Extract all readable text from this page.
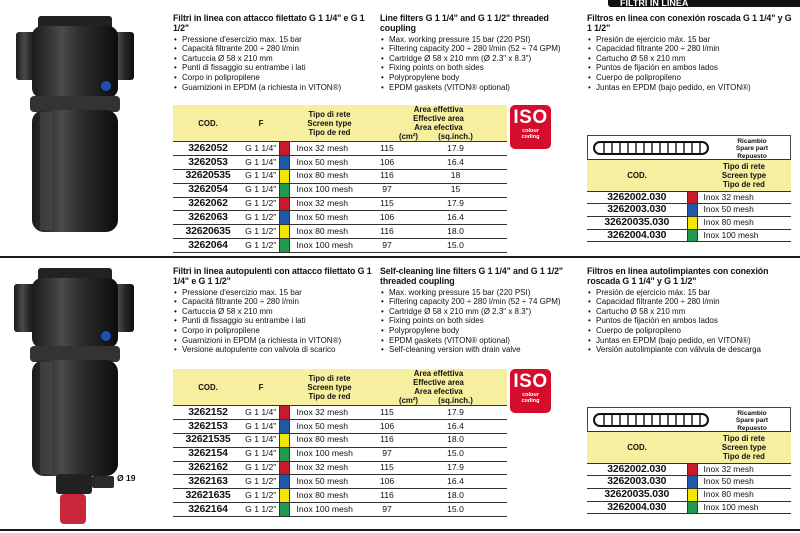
FILTRI IN LINEA
Filtri in linea con attacco filettato G 1 1/4" e G 1 1/2"
• Pressione d'esercizio max. 15 bar
• Capacità filtrante 200 ÷ 280 l/min
• Cartuccia Ø 58 x 210 mm
• Punti di fissaggio su entrambe i lati
• Corpo in polipropilene
• Guarnizioni in EPDM (a richiesta in VITON®)
Line filters G 1 1/4" and G 1 1/2" threaded coupling
• Max. working pressure 15 bar (220 PSI)
• Filtering capacity 200 ÷ 280 l/min (52 ÷ 74 GPM)
• Cartridge Ø 58 x 210 mm (Ø 2.3" x 8.3")
• Fixing points on both sides
• Polypropylene body
• EPDM gaskets (VITON® optional)
Filtros en linea con conexión roscada G 1 1/4" y G 1 1/2"
• Presión de ejercicio máx. 15 bar
• Capacidad filtrante 200 ÷ 280 l/min
• Cartucho Ø 58 x 210 mm
• Puntos de fijación en ambos lados
• Cuerpo de polipropileno
• Juntas en EPDM (bajo pedido, en VITON®)
COD.	F		Tipo di rete
Screen type
Tipo de red	Area effettiva
Effective area
Area efectiva
(cm²) (sq.inch.)	
3262052	G 1 1/4"		Inox 32 mesh	115	17.9
3262053	G 1 1/4"		Inox 50 mesh	106	16.4
32620535	G 1 1/4"		Inox 80 mesh	116	18
3262054	G 1 1/4"		Inox 100 mesh	97	15
3262062	G 1 1/2"		Inox 32 mesh	115	17.9
3262063	G 1 1/2"		Inox 50 mesh	106	16.4
32620635	G 1 1/2"		Inox 80 mesh	116	18.0
3262064	G 1 1/2"		Inox 100 mesh	97	15.0
ISO
colour
coding
Ricambio
Spare part
Repuesto
COD.		Tipo di rete
Screen type
Tipo de red
3262002.030		Inox 32 mesh
3262003.030		Inox 50 mesh
32620035.030		Inox 80 mesh
3262004.030		Inox 100 mesh
Ø 19
Filtri in linea autopulenti con attacco filettato G 1 1/4" e G 1 1/2"
• Pressione d'esercizio max. 15 bar
• Capacità filtrante 200 ÷ 280 l/min
• Cartuccia Ø 58 x 210 mm
• Punti di fissaggio su entrambe i lati
• Corpo in polipropilene
• Guarnizioni in EPDM (a richiesta in VITON®)
• Versione autopulente con valvola di scarico
Self-cleaning line filters G 1 1/4" and G 1 1/2" threaded coupling
• Max. working pressure 15 bar (220 PSI)
• Filtering capacity 200 ÷ 280 l/min (52 ÷ 74 GPM)
• Cartridge Ø 58 x 210 mm (Ø 2.3" x 8.3")
• Fixing points on both sides
• Polypropylene body
• EPDM gaskets (VITON® optional)
• Self-cleaning version with drain valve
Filtros en linea autolimpiantes con conexión roscada G 1 1/4" y G 1 1/2"
• Presión de ejercicio máx. 15 bar
• Capacidad filtrante 200 ÷ 280 l/min
• Cartucho Ø 58 x 210 mm
• Puntos de fijación en ambos lados
• Cuerpo de polipropileno
• Juntas en EPDM (bajo pedido, en VITON®)
• Versión autolimpiante con válvula de descarga
COD.	F		Tipo di rete
Screen type
Tipo de red	Area effettiva
Effective area
Area efectiva
(cm²) (sq.inch.)	
3262152	G 1 1/4"		Inox 32 mesh	115	17.9
3262153	G 1 1/4"		Inox 50 mesh	106	16.4
32621535	G 1 1/4"		Inox 80 mesh	116	18.0
3262154	G 1 1/4"		Inox 100 mesh	97	15.0
3262162	G 1 1/2"		Inox 32 mesh	115	17.9
3262163	G 1 1/2"		Inox 50 mesh	106	16.4
32621635	G 1 1/2"		Inox 80 mesh	116	18.0
3262164	G 1 1/2"		Inox 100 mesh	97	15.0
ISO
colour
coding
Ricambio
Spare part
Repuesto
COD.		Tipo di rete
Screen type
Tipo de red
3262002.030		Inox 32 mesh
3262003.030		Inox 50 mesh
32620035.030		Inox 80 mesh
3262004.030		Inox 100 mesh
